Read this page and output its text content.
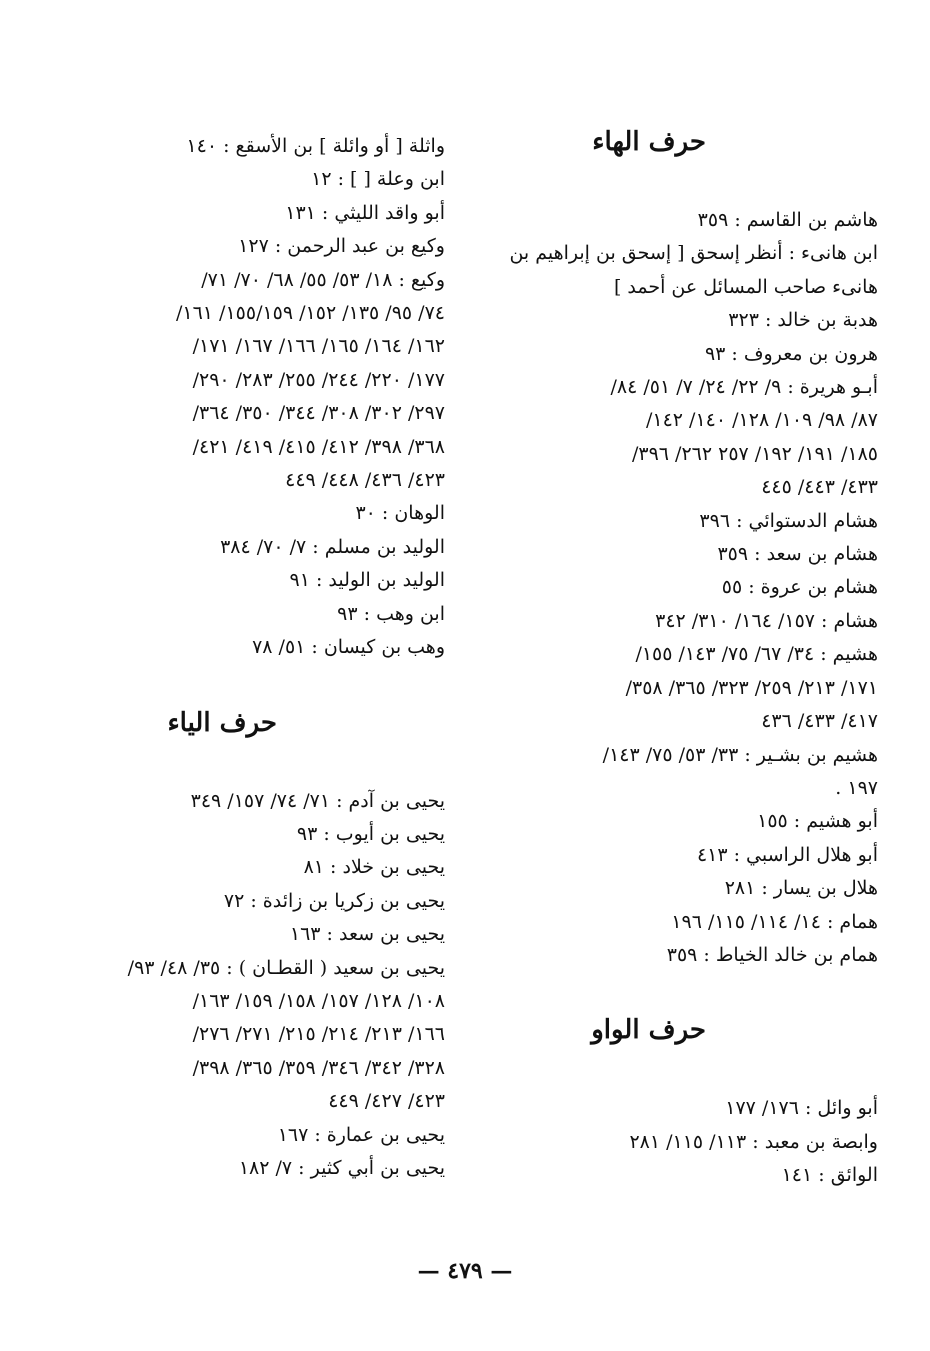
حرف الهاء
هاشم بن القاسم : ٣٥٩
ابن هانىء : أنظر إسحق [ إسحق بن إبراهيم بن
هانىء صاحب المسائل عن أحمد ]
هدبة بن خالد : ٣٢٣
هرون بن معروف : ٩٣
أبـو هريرة : ٩/ ٢٢/ ٢٤/ ٧/ ٥١/ ٨٤/
٨٧/ ٩٨/ ١٠٩/ ١٢٨/ ١٤٠/ ١٤٢/
١٨٥/ ١٩١/ ١٩٢/ ٢٥٧ ٢٦٢/ ٣٩٦/
٤٣٣/ ٤٤٣/ ٤٤٥
هشام الدستوائي : ٣٩٦
هشام بن سعد : ٣٥٩
هشام بن عروة : ٥٥
هشام : ١٥٧/ ١٦٤/ ٣١٠/ ٣٤٢
هشيم : ٣٤/ ٦٧/ ٧٥/ ١٤٣/ ١٥٥/
١٧١/ ٢١٣/ ٢٥٩/ ٣٢٣/ ٣٦٥/ ٣٥٨/
٤١٧/ ٤٣٣/ ٤٣٦
هشيم بن بشـير : ٣٣/ ٥٣/ ٧٥/ ١٤٣/
١٩٧ .
أبو هشيم : ١٥٥
أبو هلال الراسبي : ٤١٣
هلال بن يسار : ٢٨١
همام : ١٤/ ١١٤/ ١١٥/ ١٩٦
همام بن خالد الخياط : ٣٥٩
حرف الواو
أبو وائل : ١٧٦/ ١٧٧
وابصة بن معبد : ١١٣/ ١١٥/ ٢٨١
الوائق : ١٤١
واثلة [ أو وائلة ] بن الأسقع : ١٤٠
ابن وعلة [ ] : ١٢
أبو واقد الليثي : ١٣١
وكيع بن عبد الرحمن : ١٢٧
وكيع : ١٨/ ٥٣/ ٥٥/ ٦٨/ ٧٠/ ٧١/
٧٤/ ٩٥/ ١٣٥/ ١٥٢/ ١٥٥/١٥٩/ ١٦١/
١٦٢/ ١٦٤/ ١٦٥/ ١٦٦/ ١٦٧/ ١٧١/
١٧٧/ ٢٢٠/ ٢٤٤/ ٢٥٥/ ٢٨٣/ ٢٩٠/
٢٩٧/ ٣٠٢/ ٣٠٨/ ٣٤٤/ ٣٥٠/ ٣٦٤/
٣٦٨/ ٣٩٨/ ٤١٢/ ٤١٥/ ٤١٩/ ٤٢١/
٤٢٣/ ٤٣٦/ ٤٤٨/ ٤٤٩
الوهان : ٣٠
الوليد بن مسلم : ٧/ ٧٠/ ٣٨٤
الوليد بن الوليد : ٩١
ابن وهب : ٩٣
وهب بن كيسان : ٥١/ ٧٨
حرف الياء
يحيى بن آدم : ٧١/ ٧٤/ ١٥٧/ ٣٤٩
يحيى بن أيوب : ٩٣
يحيى بن خلاد : ٨١
يحيى بن زكريا بن زائدة : ٧٢
يحيى بن سعد : ١٦٣
يحيى بن سعيد ( القطـان ) : ٣٥/ ٤٨/ ٩٣/
١٠٨/ ١٢٨/ ١٥٧/ ١٥٨/ ١٥٩/ ١٦٣/
١٦٦/ ٢١٣/ ٢١٤/ ٢١٥/ ٢٧١/ ٢٧٦/
٣٢٨/ ٣٤٢/ ٣٤٦/ ٣٥٩/ ٣٦٥/ ٣٩٨/
٤٢٣/ ٤٢٧/ ٤٤٩
يحيى بن عمارة : ١٦٧
يحيى بن أبي كثير : ٧/ ١٨٢
— ٤٧٩ —
